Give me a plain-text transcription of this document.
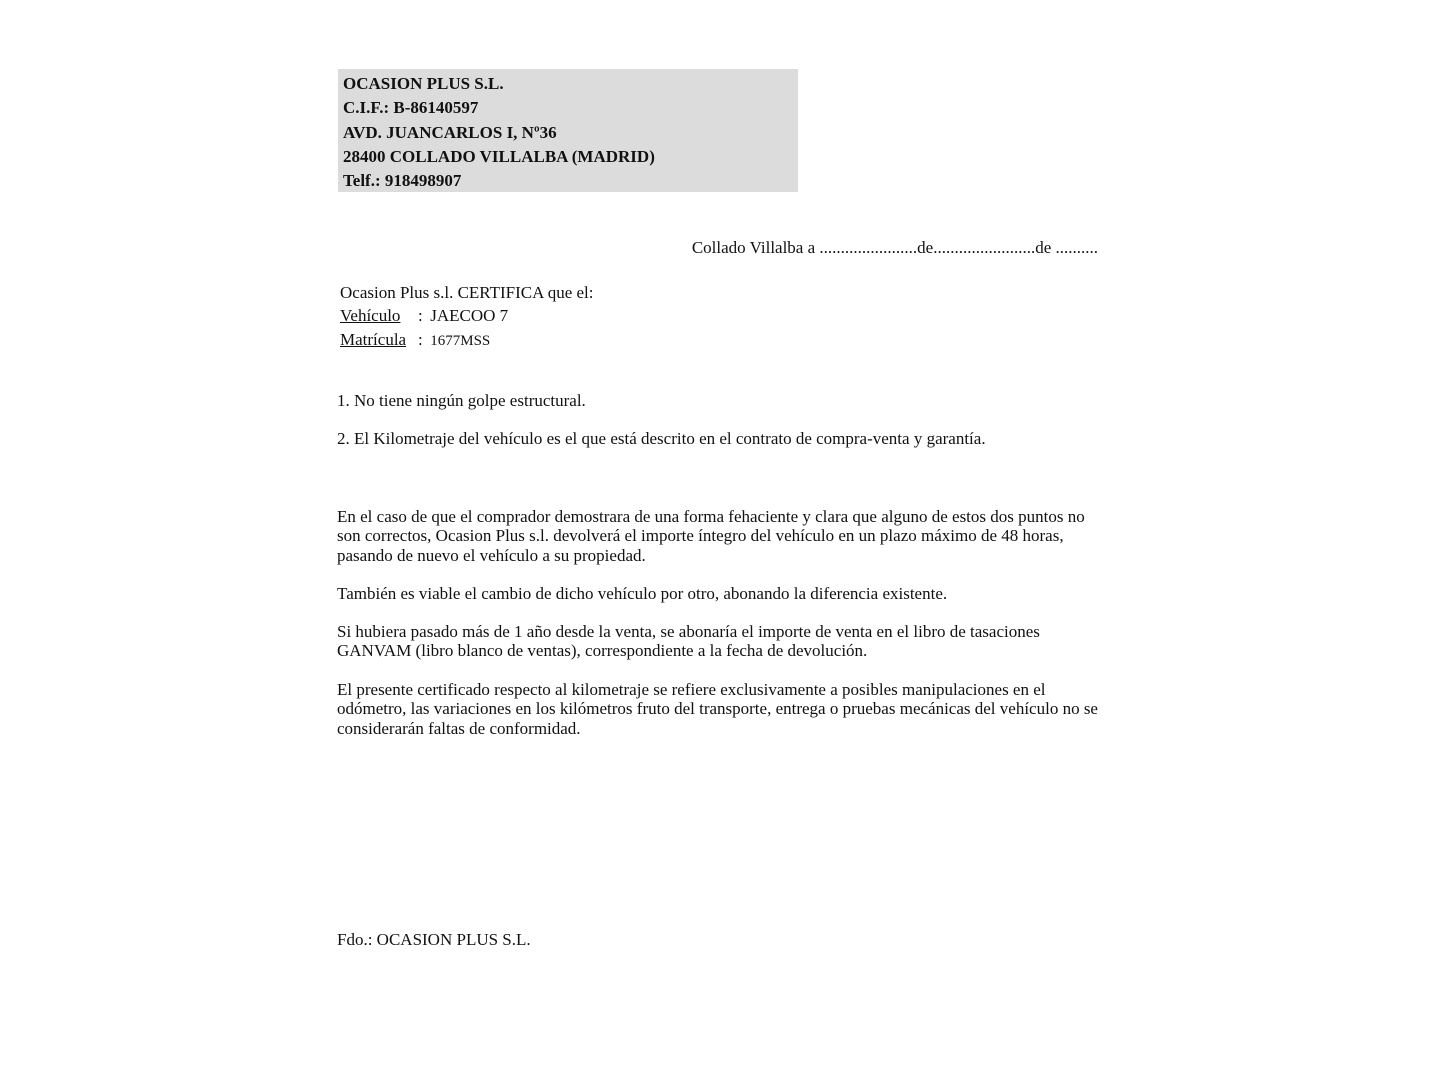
OCASION PLUS S.L.
C.I.F.: B-86140597
AVD. JUANCARLOS I, Nº36
28400 COLLADO VILLALBA (MADRID)
Telf.: 918498907
Collado Villalba a .......................de........................de ..........
Ocasion Plus s.l. CERTIFICA que el:
Vehículo : JAECOO 7
Matrícula : 1677MSS
1. No tiene ningún golpe estructural.
2. El Kilometraje del vehículo es el que está descrito en el contrato de compra-venta y garantía.
En el caso de que el comprador demostrara de una forma fehaciente y clara que alguno de estos dos puntos no son correctos, Ocasion Plus s.l. devolverá el importe íntegro del vehículo en un plazo máximo de 48 horas, pasando de nuevo el vehículo a su propiedad.
También es viable el cambio de dicho vehículo por otro, abonando la diferencia existente.
Si hubiera pasado más de 1 año desde la venta, se abonaría el importe de venta en el libro de tasaciones GANVAM (libro blanco de ventas), correspondiente a la fecha de devolución.
El presente certificado respecto al kilometraje se refiere exclusivamente a posibles manipulaciones en el odómetro, las variaciones en los kilómetros fruto del transporte, entrega o pruebas mecánicas del vehículo no se considerarán faltas de conformidad.
Fdo.: OCASION PLUS S.L.
